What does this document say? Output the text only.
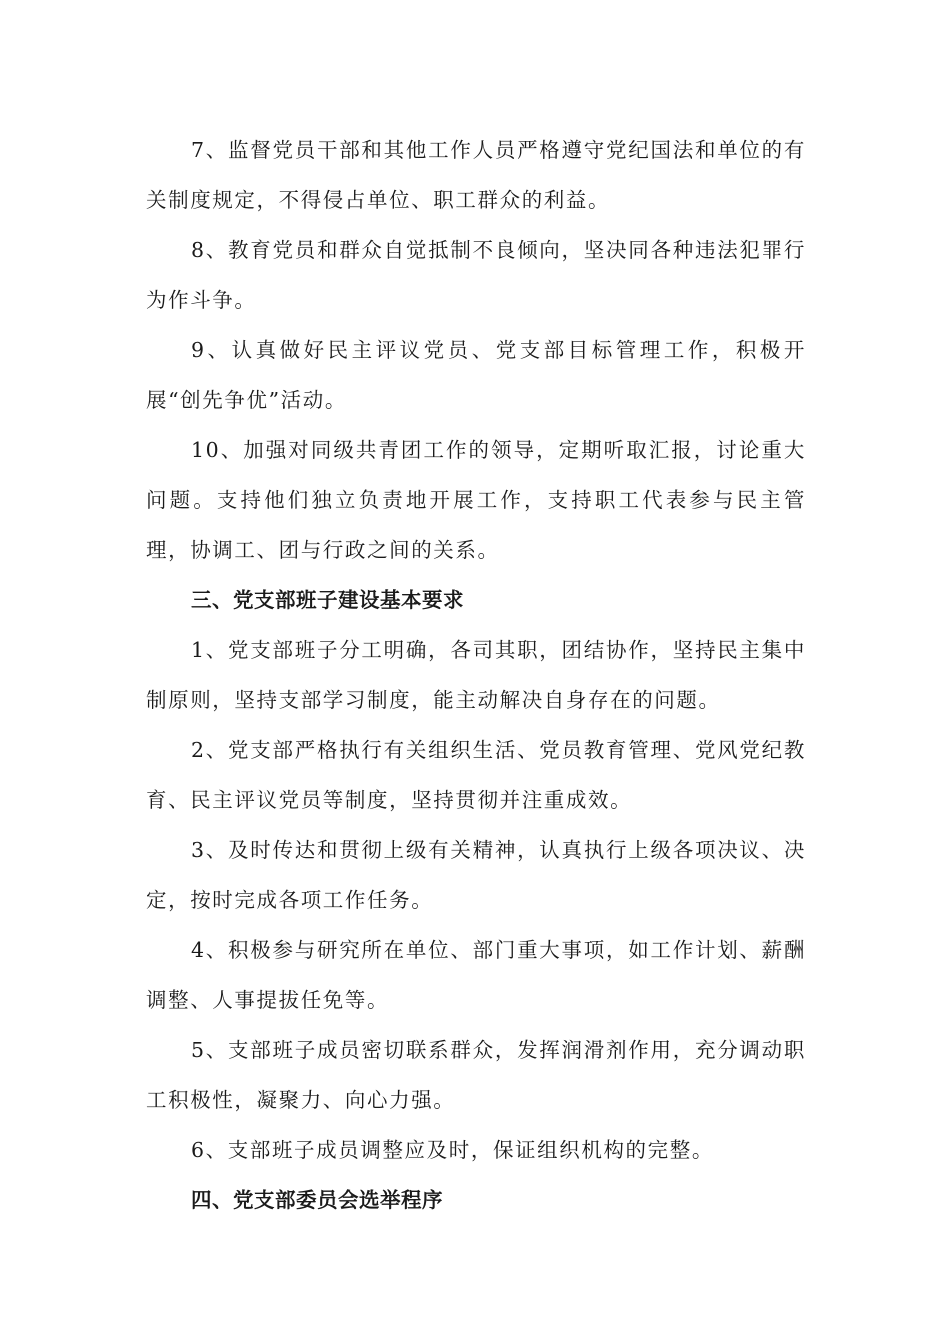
7、监督党员干部和其他工作人员严格遵守党纪国法和单位的有关制度规定，不得侵占单位、职工群众的利益。

8、教育党员和群众自觉抵制不良倾向，坚决同各种违法犯罪行为作斗争。

9、认真做好民主评议党员、党支部目标管理工作，积极开展“创先争优”活动。

10、加强对同级共青团工作的领导，定期听取汇报，讨论重大问题。支持他们独立负责地开展工作，支持职工代表参与民主管理，协调工、团与行政之间的关系。

三、党支部班子建设基本要求

1、党支部班子分工明确，各司其职，团结协作，坚持民主集中制原则，坚持支部学习制度，能主动解决自身存在的问题。

2、党支部严格执行有关组织生活、党员教育管理、党风党纪教育、民主评议党员等制度，坚持贯彻并注重成效。

3、及时传达和贯彻上级有关精神，认真执行上级各项决议、决定，按时完成各项工作任务。

4、积极参与研究所在单位、部门重大事项，如工作计划、薪酬调整、人事提拔任免等。

5、支部班子成员密切联系群众，发挥润滑剂作用，充分调动职工积极性，凝聚力、向心力强。

6、支部班子成员调整应及时，保证组织机构的完整。

四、党支部委员会选举程序
